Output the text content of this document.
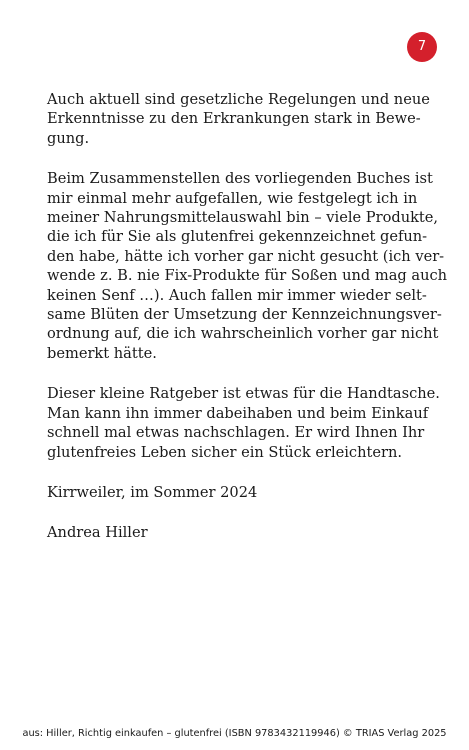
7

Auch aktuell sind gesetzliche Regelungen und neue
Erkenntnisse zu den Erkrankungen stark in Bewe-
gung.

Beim Zusammenstellen des vorliegenden Buches ist
mir einmal mehr aufgefallen, wie festgelegt ich in
meiner Nahrungsmittelauswahl bin – viele Produkte,
die ich für Sie als glutenfrei gekennzeichnet gefun-
den habe, hätte ich vorher gar nicht gesucht (ich ver-
wende z. B. nie Fix-Produkte für Soßen und mag auch
keinen Senf …). Auch fallen mir immer wieder selt-
same Blüten der Umsetzung der Kennzeichnungsver-
ordnung auf, die ich wahrscheinlich vorher gar nicht
bemerkt hätte.

Dieser kleine Ratgeber ist etwas für die Handtasche.
Man kann ihn immer dabeihaben und beim Einkauf
schnell mal etwas nachschlagen. Er wird Ihnen Ihr
glutenfreies Leben sicher ein Stück erleichtern.

Kirrweiler, im Sommer 2024

Andrea Hiller

aus: Hiller, Richtig einkaufen – glutenfrei (ISBN 9783432119946) © TRIAS Verlag 2025
